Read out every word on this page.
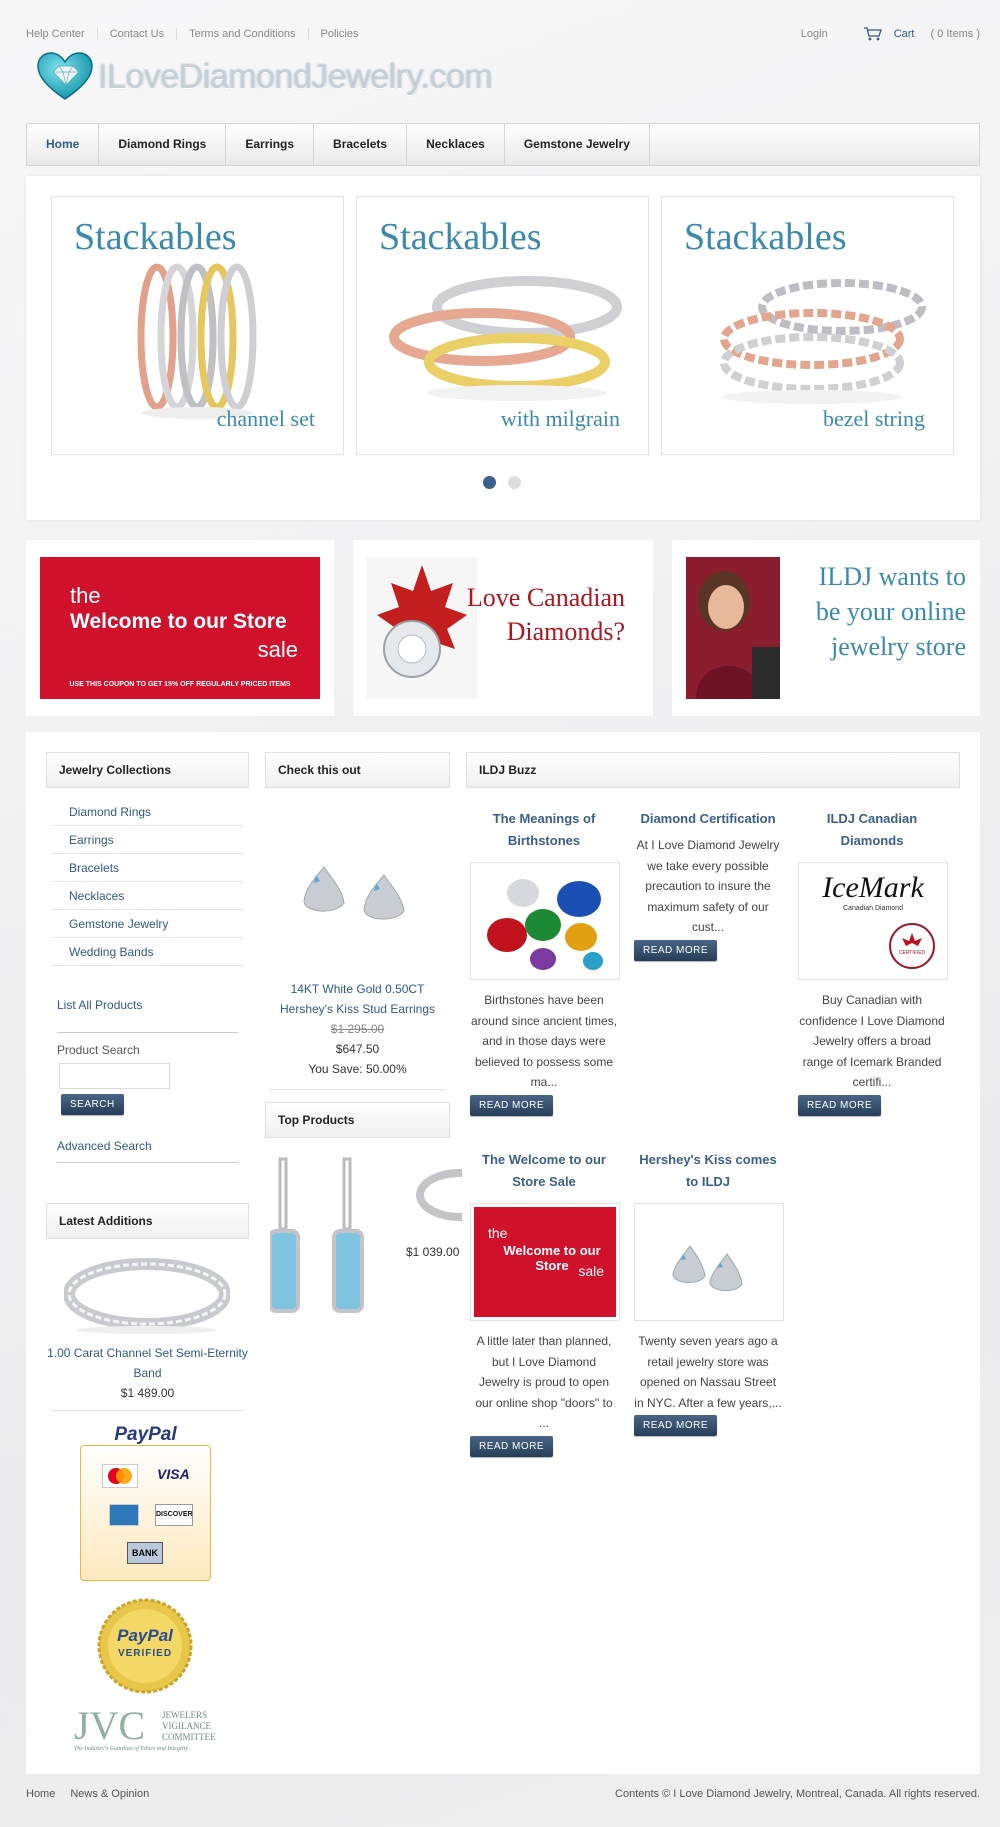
Help Center	Contact Us	Terms and Conditions	Policies	Login	Cart ( 0 Items )
ILoveDiamondJewelry.com
Home	Diamond Rings	Earrings	Bracelets	Necklaces	Gemstone Jewelry
Stackables
channel set
Stackables
with milgrain
Stackables
bezel string
the
Welcome to our Store
sale
USE THIS COUPON TO GET 15% OFF REGULARLY PRICED ITEMS
Love Canadian
Diamonds?
ILDJ wants to
be your online
jewelry store
Jewelry Collections
Diamond Rings
Earrings
Bracelets
Necklaces
Gemstone Jewelry
Wedding Bands
List All Products
Product Search
SEARCH
Advanced Search
Latest Additions
1.00 Carat Channel Set Semi-Eternity Band
$1 489.00
PayPal
VISA
DISCOVER
BANK
PayPal
VERIFIED
JVC JEWELERS
VIGILANCE
COMMITTEE
The Industry's Guardian of Ethics and Integrity
Check this out
14KT White Gold 0.50CT Hershey's Kiss Stud Earrings
$1 295.00
$647.50
You Save: 50.00%
Top Products
$1 039.00
ILDJ Buzz
The Meanings of Birthstones
Birthstones have been around since ancient times, and in those days were believed to possess some ma...
READ MORE
Diamond Certification
At I Love Diamond Jewelry we take every possible precaution to insure the maximum safety of our cust...
READ MORE
ILDJ Canadian Diamonds
IceMark
Canadian Diamond
CERTIFIED
Buy Canadian with confidence I Love Diamond Jewelry offers a broad range of Icemark Branded certifi...
READ MORE
The Welcome to our Store Sale
the
Welcome to our Store sale
A little later than planned, but I Love Diamond Jewelry is proud to open our online shop "doors" to ...
READ MORE
Hershey's Kiss comes to ILDJ
Twenty seven years ago a retail jewelry store was opened on Nassau Street in NYC. After a few years,...
READ MORE
Home News & Opinion	Contents © I Love Diamond Jewelry, Montreal, Canada. All rights reserved.
